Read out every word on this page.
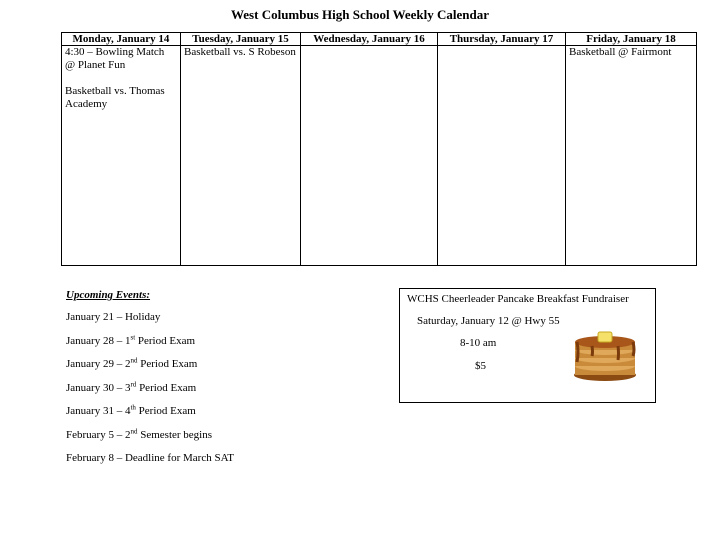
West Columbus High School Weekly Calendar
Monday, January 14	Tuesday, January 15	Wednesday, January 16	Thursday, January 17	Friday, January 18

4:30 – Bowling Match @ Planet Fun
Basketball vs. Thomas Academy	Basketball vs. S Robeson			Basketball @ Fairmont
Upcoming Events:
January 21 – Holiday
January 28 – 1st Period Exam
January 29 – 2nd Period Exam
January 30 – 3rd Period Exam
January 31 – 4th Period Exam
February 5 – 2nd Semester begins
February 8 – Deadline for March SAT
WCHS Cheerleader Pancake Breakfast Fundraiser
Saturday, January 12 @ Hwy 55
8-10 am
$5
